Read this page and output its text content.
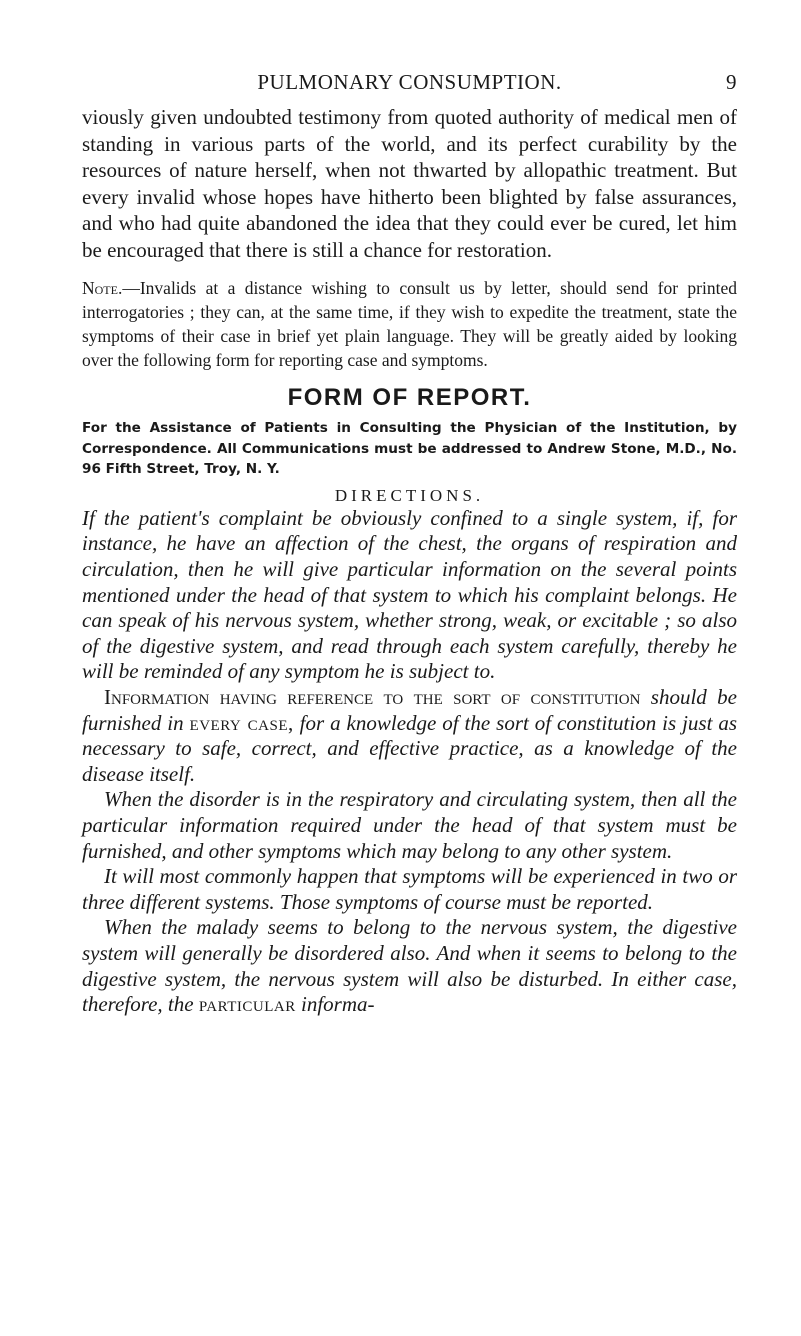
PULMONARY CONSUMPTION.	9

viously given undoubted testimony from quoted authority of medical men of standing in various parts of the world, and its perfect curability by the resources of nature herself, when not thwarted by allopathic treatment. But every invalid whose hopes have hitherto been blighted by false assurances, and who had quite abandoned the idea that they could ever be cured, let him be encouraged that there is still a chance for restoration.

Note.—Invalids at a distance wishing to consult us by letter, should send for printed interrogatories ; they can, at the same time, if they wish to expedite the treatment, state the symptoms of their case in brief yet plain language. They will be greatly aided by looking over the following form for reporting case and symptoms.

FORM OF REPORT.

For the Assistance of Patients in Consulting the Physician of the Institution, by Correspondence. All Communications must be addressed to Andrew Stone, M.D., No. 96 Fifth Street, Troy, N. Y.

DIRECTIONS.

If the patient's complaint be obviously confined to a single system, if, for instance, he have an affection of the chest, the organs of respiration and circulation, then he will give particular information on the several points mentioned under the head of that system to which his complaint belongs. He can speak of his nervous system, whether strong, weak, or excitable ; so also of the digestive system, and read through each system carefully, thereby he will be reminded of any symptom he is subject to.

Information having reference to the sort of constitution should be furnished in every case, for a knowledge of the sort of constitution is just as necessary to safe, correct, and effective practice, as a knowledge of the disease itself.

When the disorder is in the respiratory and circulating system, then all the particular information required under the head of that system must be furnished, and other symptoms which may belong to any other system.

It will most commonly happen that symptoms will be experienced in two or three different systems. Those symptoms of course must be reported.

When the malady seems to belong to the nervous system, the digestive system will generally be disordered also. And when it seems to belong to the digestive system, the nervous system will also be disturbed. In either case, therefore, the particular informa-
